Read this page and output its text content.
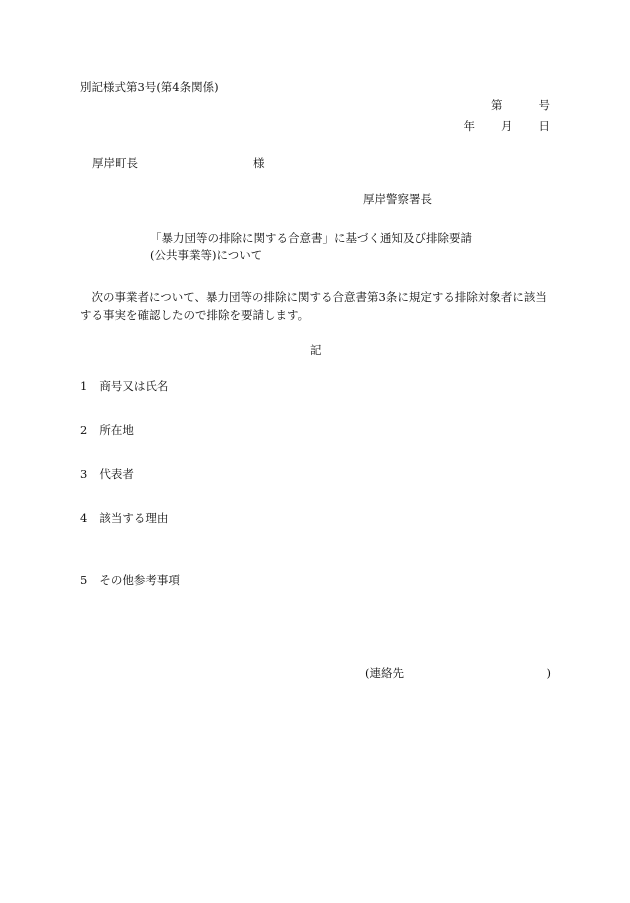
別記様式第3号(第4条関係)
第	号
年 月 日
厚岸町長	様
厚岸警察署長
「暴力団等の排除に関する合意書」に基づく通知及び排除要請
(公共事業等)について
次の事業者について、暴力団等の排除に関する合意書第3条に規定する排除対象者に該当する事実を確認したので排除を要請します。
記
1 商号又は氏名
2 所在地
3 代表者
4 該当する理由
5 その他参考事項
(連絡先	)
